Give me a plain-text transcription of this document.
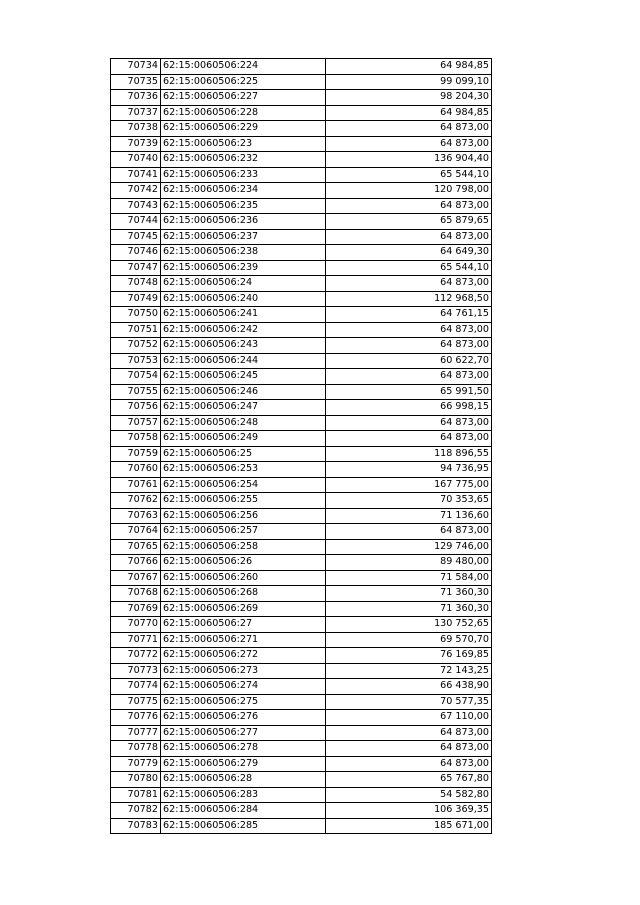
70734	62:15:0060506:224	64 984,85
70735	62:15:0060506:225	99 099,10
70736	62:15:0060506:227	98 204,30
70737	62:15:0060506:228	64 984,85
70738	62:15:0060506:229	64 873,00
70739	62:15:0060506:23	64 873,00
70740	62:15:0060506:232	136 904,40
70741	62:15:0060506:233	65 544,10
70742	62:15:0060506:234	120 798,00
70743	62:15:0060506:235	64 873,00
70744	62:15:0060506:236	65 879,65
70745	62:15:0060506:237	64 873,00
70746	62:15:0060506:238	64 649,30
70747	62:15:0060506:239	65 544,10
70748	62:15:0060506:24	64 873,00
70749	62:15:0060506:240	112 968,50
70750	62:15:0060506:241	64 761,15
70751	62:15:0060506:242	64 873,00
70752	62:15:0060506:243	64 873,00
70753	62:15:0060506:244	60 622,70
70754	62:15:0060506:245	64 873,00
70755	62:15:0060506:246	65 991,50
70756	62:15:0060506:247	66 998,15
70757	62:15:0060506:248	64 873,00
70758	62:15:0060506:249	64 873,00
70759	62:15:0060506:25	118 896,55
70760	62:15:0060506:253	94 736,95
70761	62:15:0060506:254	167 775,00
70762	62:15:0060506:255	70 353,65
70763	62:15:0060506:256	71 136,60
70764	62:15:0060506:257	64 873,00
70765	62:15:0060506:258	129 746,00
70766	62:15:0060506:26	89 480,00
70767	62:15:0060506:260	71 584,00
70768	62:15:0060506:268	71 360,30
70769	62:15:0060506:269	71 360,30
70770	62:15:0060506:27	130 752,65
70771	62:15:0060506:271	69 570,70
70772	62:15:0060506:272	76 169,85
70773	62:15:0060506:273	72 143,25
70774	62:15:0060506:274	66 438,90
70775	62:15:0060506:275	70 577,35
70776	62:15:0060506:276	67 110,00
70777	62:15:0060506:277	64 873,00
70778	62:15:0060506:278	64 873,00
70779	62:15:0060506:279	64 873,00
70780	62:15:0060506:28	65 767,80
70781	62:15:0060506:283	54 582,80
70782	62:15:0060506:284	106 369,35
70783	62:15:0060506:285	185 671,00
